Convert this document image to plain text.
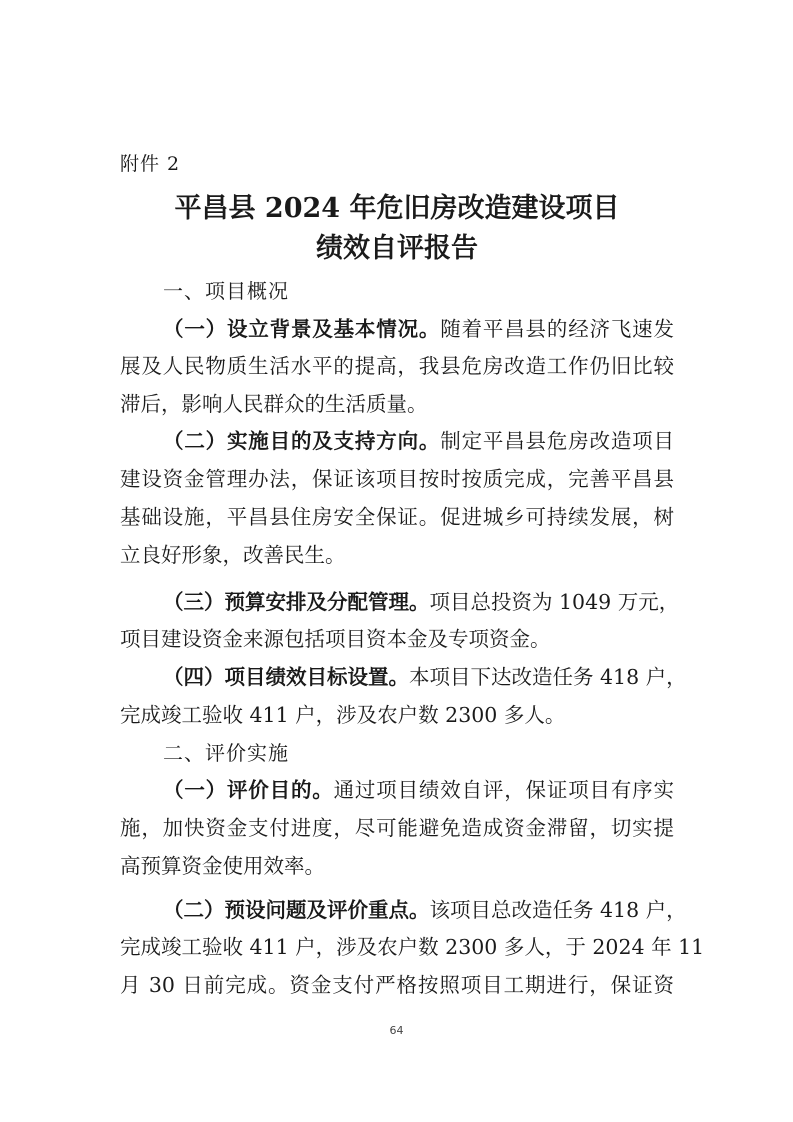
附件 2
平昌县 2024 年危旧房改造建设项目
绩效自评报告
一、项目概况
（一）设立背景及基本情况。随着平昌县的经济飞速发
展及人民物质生活水平的提高，我县危房改造工作仍旧比较
滞后，影响人民群众的生活质量。
（二）实施目的及支持方向。制定平昌县危房改造项目
建设资金管理办法，保证该项目按时按质完成，完善平昌县
基础设施，平昌县住房安全保证。促进城乡可持续发展，树
立良好形象，改善民生。
（三）预算安排及分配管理。项目总投资为 1049 万元，
项目建设资金来源包括项目资本金及专项资金。
（四）项目绩效目标设置。本项目下达改造任务 418 户，
完成竣工验收 411 户，涉及农户数 2300 多人。
二、评价实施
（一）评价目的。通过项目绩效自评，保证项目有序实
施，加快资金支付进度，尽可能避免造成资金滞留，切实提
高预算资金使用效率。
（二）预设问题及评价重点。该项目总改造任务 418 户，
完成竣工验收 411 户，涉及农户数 2300 多人，于 2024 年 11
月 30 日前完成。资金支付严格按照项目工期进行，保证资
64
